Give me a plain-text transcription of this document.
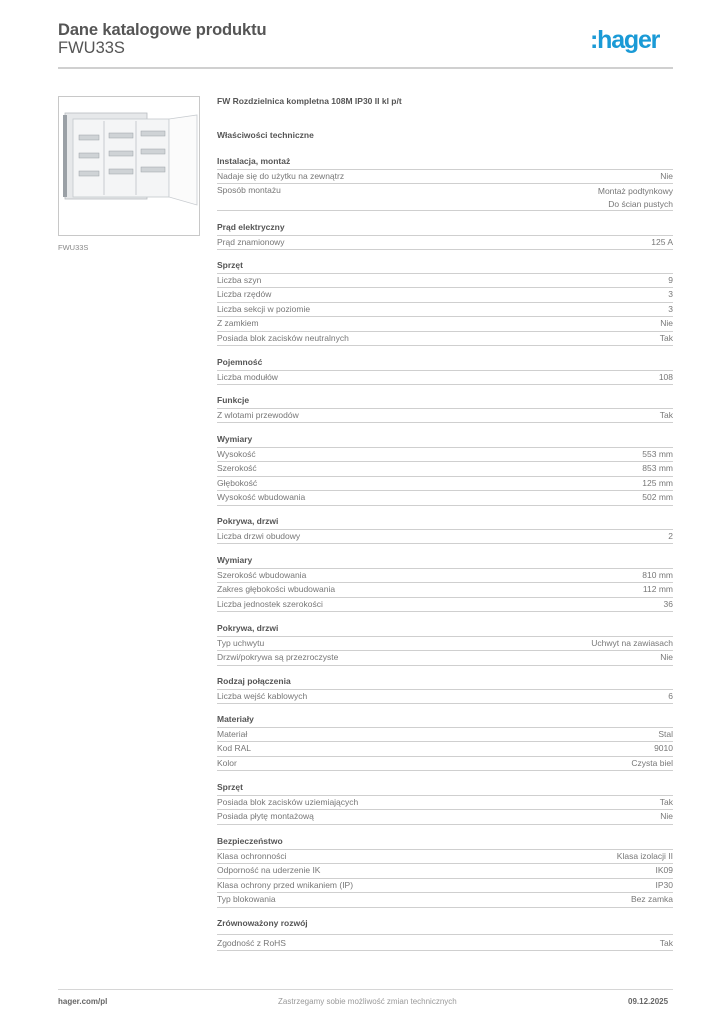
Dane katalogowe produktu
FWU33S	:hager
FWU33S
FW Rozdzielnica kompletna 108M IP30 II kl p/t
Właściwości techniczne
Instalacja, montaż
Nadaje się do użytku na zewnątrz	Nie
Sposób montażu	Montaż podtynkowy
Do ścian pustych
Prąd elektryczny
Prąd znamionowy	125 A
Sprzęt
Liczba szyn	9
Liczba rzędów	3
Liczba sekcji w poziomie	3
Z zamkiem	Nie
Posiada blok zacisków neutralnych	Tak
Pojemność
Liczba modułów	108
Funkcje
Z wlotami przewodów	Tak
Wymiary
Wysokość	553 mm
Szerokość	853 mm
Głębokość	125 mm
Wysokość wbudowania	502 mm
Pokrywa, drzwi
Liczba drzwi obudowy	2
Wymiary
Szerokość wbudowania	810 mm
Zakres głębokości wbudowania	112 mm
Liczba jednostek szerokości	36
Pokrywa, drzwi
Typ uchwytu	Uchwyt na zawiasach
Drzwi/pokrywa są przezroczyste	Nie
Rodzaj połączenia
Liczba wejść kablowych	6
Materiały
Materiał	Stal
Kod RAL	9010
Kolor	Czysta biel
Sprzęt
Posiada blok zacisków uziemiających	Tak
Posiada płytę montażową	Nie
Bezpieczeństwo
Klasa ochronności	Klasa izolacji II
Odporność na uderzenie IK	IK09
Klasa ochrony przed wnikaniem (IP)	IP30
Typ blokowania	Bez zamka
Zrównoważony rozwój
Zgodność z RoHS	Tak
hager.com/pl	Zastrzegamy sobie możliwość zmian technicznych	09.12.2025
